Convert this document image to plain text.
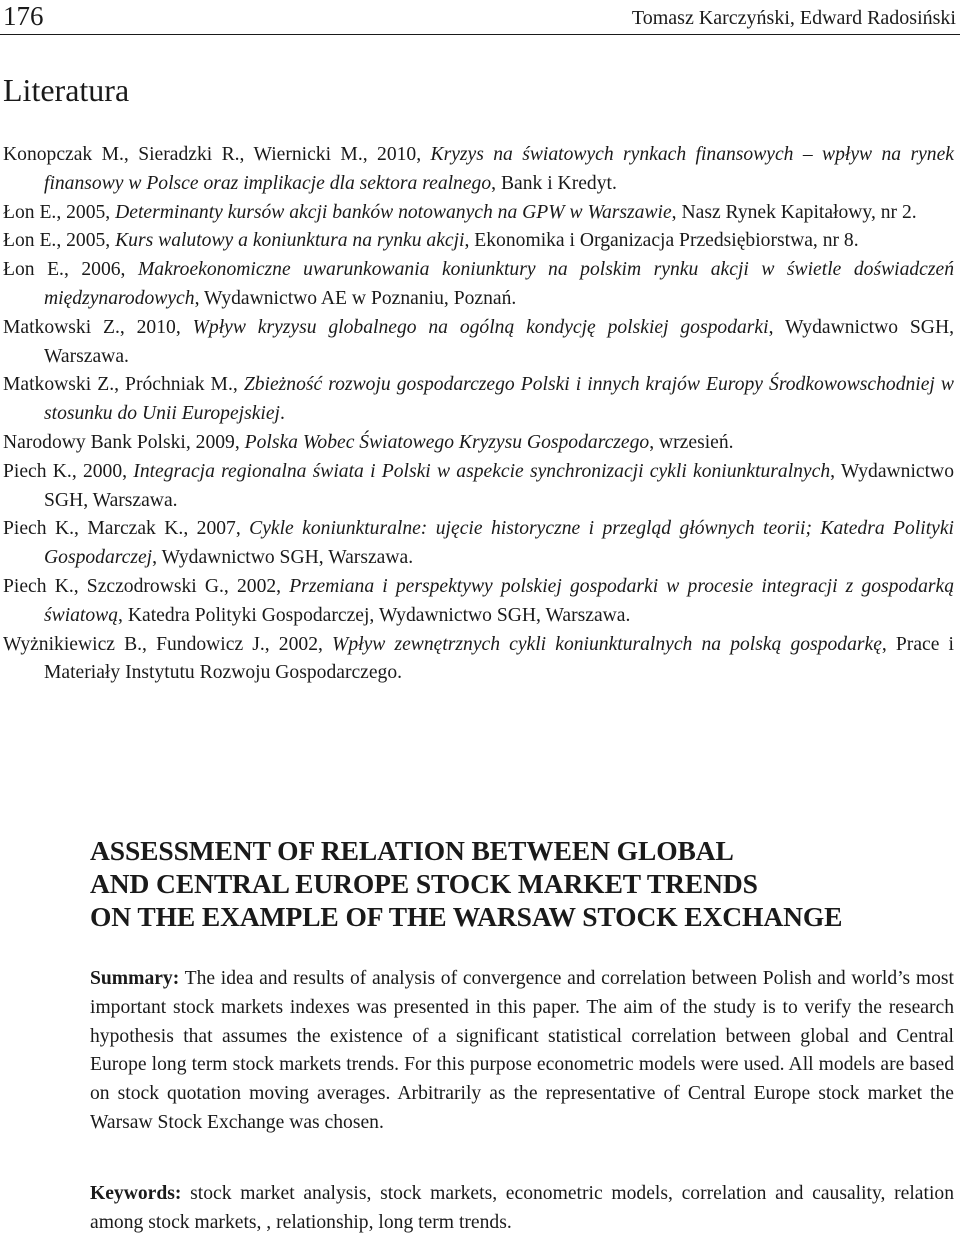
176	Tomasz Karczyński, Edward Radosiński
Literatura
Konopczak M., Sieradzki R., Wiernicki M., 2010, Kryzys na światowych rynkach finansowych – wpływ na rynek finansowy w Polsce oraz implikacje dla sektora realnego, Bank i Kredyt.
Łon E., 2005, Determinanty kursów akcji banków notowanych na GPW w Warszawie, Nasz Rynek Kapitałowy, nr 2.
Łon E., 2005, Kurs walutowy a koniunktura na rynku akcji, Ekonomika i Organizacja Przedsiębiorstwa, nr 8.
Łon E., 2006, Makroekonomiczne uwarunkowania koniunktury na polskim rynku akcji w świetle doświadczeń międzynarodowych, Wydawnictwo AE w Poznaniu, Poznań.
Matkowski Z., 2010, Wpływ kryzysu globalnego na ogólną kondycję polskiej gospodarki, Wydawnictwo SGH, Warszawa.
Matkowski Z., Próchniak M., Zbieżność rozwoju gospodarczego Polski i innych krajów Europy Środkowowschodniej w stosunku do Unii Europejskiej.
Narodowy Bank Polski, 2009, Polska Wobec Światowego Kryzysu Gospodarczego, wrzesień.
Piech K., 2000, Integracja regionalna świata i Polski w aspekcie synchronizacji cykli koniunkturalnych, Wydawnictwo SGH, Warszawa.
Piech K., Marczak K., 2007, Cykle koniunkturalne: ujęcie historyczne i przegląd głównych teorii; Katedra Polityki Gospodarczej, Wydawnictwo SGH, Warszawa.
Piech K., Szczodrowski G., 2002, Przemiana i perspektywy polskiej gospodarki w procesie integracji z gospodarką światową, Katedra Polityki Gospodarczej, Wydawnictwo SGH, Warszawa.
Wyżnikiewicz B., Fundowicz J., 2002, Wpływ zewnętrznych cykli koniunkturalnych na polską gospodarkę, Prace i Materiały Instytutu Rozwoju Gospodarczego.
ASSESSMENT OF RELATION BETWEEN GLOBAL
AND CENTRAL EUROPE STOCK MARKET TRENDS
ON THE EXAMPLE OF THE WARSAW STOCK EXCHANGE

Summary: The idea and results of analysis of convergence and correlation between Polish and world’s most important stock markets indexes was presented in this paper. The aim of the study is to verify the research hypothesis that assumes the existence of a significant statistical correlation between global and Central Europe long term stock markets trends. For this purpose econometric models were used. All models are based on stock quotation moving averages. Arbitrarily as the representative of Central Europe stock market the Warsaw Stock Exchange was chosen.

Keywords: stock market analysis, stock markets, econometric models, correlation and causality, relation among stock markets, , relationship, long term trends.
